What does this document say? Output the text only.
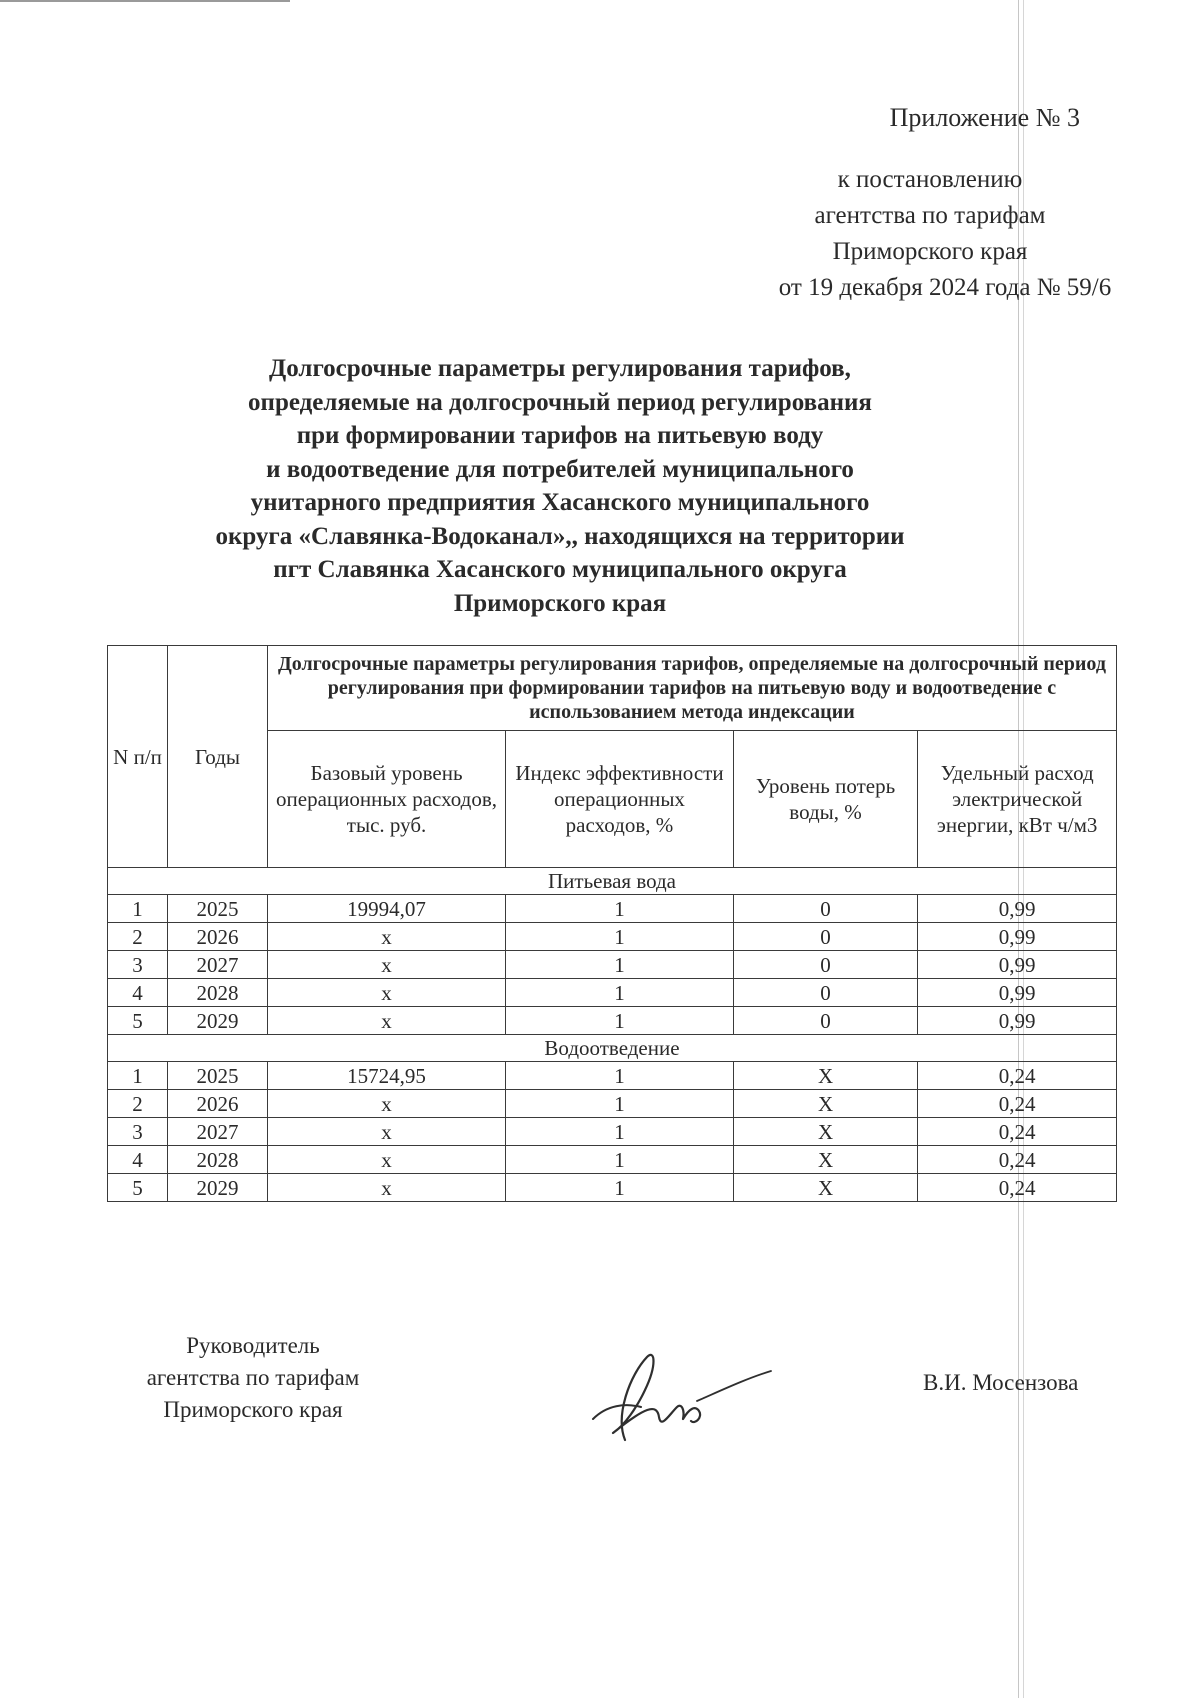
Приложение № 3
к постановлению
агентства по тарифам
Приморского края
от 19 декабря 2024 года № 59/6
Долгосрочные параметры регулирования тарифов,
определяемые на долгосрочный период регулирования
при формировании тарифов на питьевую воду
и водоотведение для потребителей муниципального
унитарного предприятия Хасанского муниципального
округа «Славянка-Водоканал»,, находящихся на территории
пгт Славянка Хасанского муниципального округа
Приморского края
N п/п	Годы	Долгосрочные параметры регулирования тарифов, определяемые на долгосрочный период регулирования при формировании тарифов на питьевую воду и водоотведение с использованием метода индексации			
		Базовый уровень операционных расходов, тыс. руб.	Индекс эффективности операционных расходов, %	Уровень потерь воды, %	Удельный расход электрической энергии, кВт ч/м3
Питьевая вода					
1	2025	19994,07	1	0	0,99
2	2026	х	1	0	0,99
3	2027	х	1	0	0,99
4	2028	х	1	0	0,99
5	2029	х	1	0	0,99
Водоотведение					
1	2025	15724,95	1	Х	0,24
2	2026	х	1	Х	0,24
3	2027	х	1	Х	0,24
4	2028	х	1	Х	0,24
5	2029	х	1	Х	0,24
Руководитель
агентства по тарифам
Приморского края
В.И. Мосензова
